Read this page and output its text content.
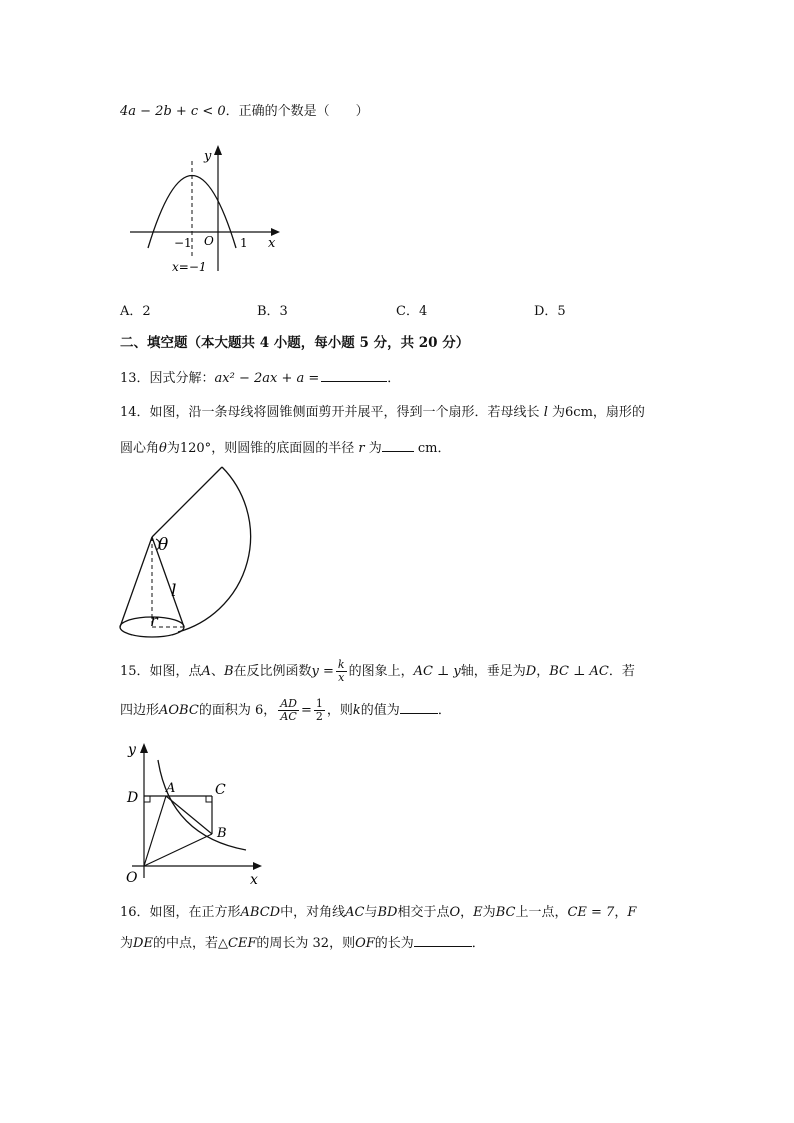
4a − 2b + c < 0．正确的个数是（　　）
y
x
O
−1	1
x=−1
A．2	B．3	C．4	D．5
二、填空题（本大题共 4 小题，每小题 5 分，共 20 分）
13．因式分解：ax² − 2ax + a =	．
14．如图，沿一条母线将圆锥侧面剪开并展平，得到一个扇形．若母线长 l 为6cm，扇形的
圆心角θ为120°，则圆锥的底面圆的半径 r 为	cm．
θ
l
r
15．如图，点A、B在反比例函数$y = \frac{k}{x}$ 的图象上，AC ⊥ y轴，垂足为D，BC ⊥ AC．若
四边形AOBC的面积为 6， $\frac{AD}{AC} = \frac{1}{2}$ ，则k的值为	．
y
x
O
A	C
D
B
16．如图，在正方形ABCD中，对角线AC与BD相交于点O，E为BC上一点，CE = 7，F
为DE的中点，若△CEF的周长为 32，则OF的长为	．
